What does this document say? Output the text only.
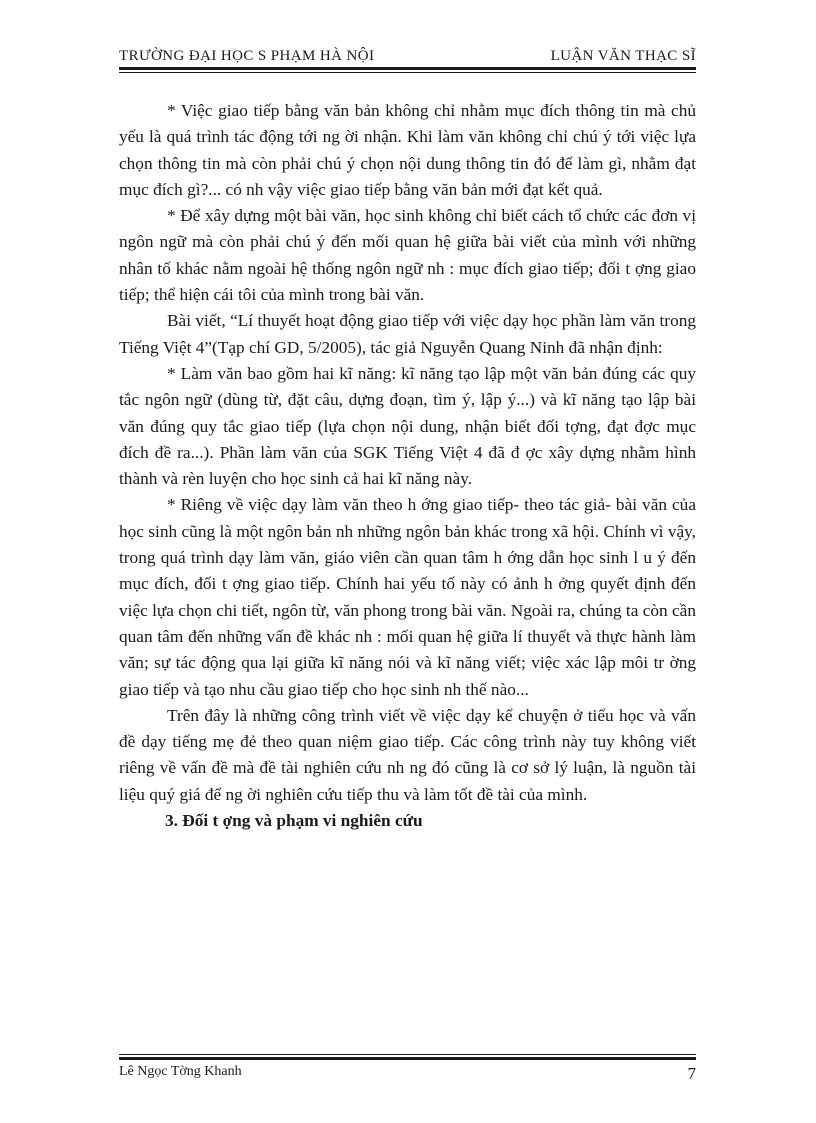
TRƯỜNG ĐẠI HỌC S PHẠM HÀ NỘI	LUẬN VĂN THẠC SĨ

* Việc giao tiếp bằng văn bản không chỉ nhằm mục đích thông tin mà chủ yếu là quá trình tác động tới ng ời nhận. Khi làm văn không chỉ chú ý tới việc lựa chọn thông tin mà còn phải chú ý chọn nội dung thông tin đó để làm gì, nhằm đạt mục đích gì?... có nh vậy việc giao tiếp bằng văn bản mới đạt kết quả.

* Để xây dựng một bài văn, học sinh không chỉ biết cách tổ chức các đơn vị ngôn ngữ mà còn phải chú ý đến mối quan hệ giữa bài viết của mình với những nhân tố khác nằm ngoài hệ thống ngôn ngữ nh : mục đích giao tiếp; đối t ợng giao tiếp; thể hiện cái tôi của mình trong bài văn.

Bài viết, “Lí thuyết hoạt động giao tiếp với việc dạy học phần làm văn trong Tiếng Việt 4”(Tạp chí GD, 5/2005), tác giả Nguyễn Quang Ninh đã nhận định:

* Làm văn bao gồm hai kĩ năng: kĩ năng tạo lập một văn bản đúng các quy tắc ngôn ngữ (dùng từ, đặt câu, dựng đoạn, tìm ý, lập ý...) và kĩ năng tạo lập bài văn đúng quy tắc giao tiếp (lựa chọn nội dung, nhận biết đối tợng, đạt đợc mục đích đề ra...). Phần làm văn của SGK Tiếng Việt 4 đã đ ợc xây dựng nhằm hình thành và rèn luyện cho học sinh cả hai kĩ năng này.

* Riêng về việc dạy làm văn theo h ớng giao tiếp- theo tác giả- bài văn của học sinh cũng là một ngôn bản nh những ngôn bản khác trong xã hội. Chính vì vậy, trong quá trình dạy làm văn, giáo viên cần quan tâm h ớng dẫn học sinh l u ý đến mục đích, đối t ợng giao tiếp. Chính hai yếu tố này có ảnh h ởng quyết định đến việc lựa chọn chi tiết, ngôn từ, văn phong trong bài văn. Ngoài ra, chúng ta còn cần quan tâm đến những vấn đề khác nh : mối quan hệ giữa lí thuyết và thực hành làm văn; sự tác động qua lại giữa kĩ năng nói và kĩ năng viết; việc xác lập môi tr ờng giao tiếp và tạo nhu cầu giao tiếp cho học sinh nh thế nào...

Trên đây là những công trình viết về việc dạy kể chuyện ở tiểu học và vấn đề dạy tiếng mẹ đẻ theo quan niệm giao tiếp. Các công trình này tuy không viết riêng về vấn đề mà đề tài nghiên cứu nh ng đó cũng là cơ sở lý luận, là nguồn tài liệu quý giá để ng ời nghiên cứu tiếp thu và làm tốt đề tài của mình.

3. Đối t ợng và phạm vi nghiên cứu
Lê Ngọc Tờng Khanh	7
